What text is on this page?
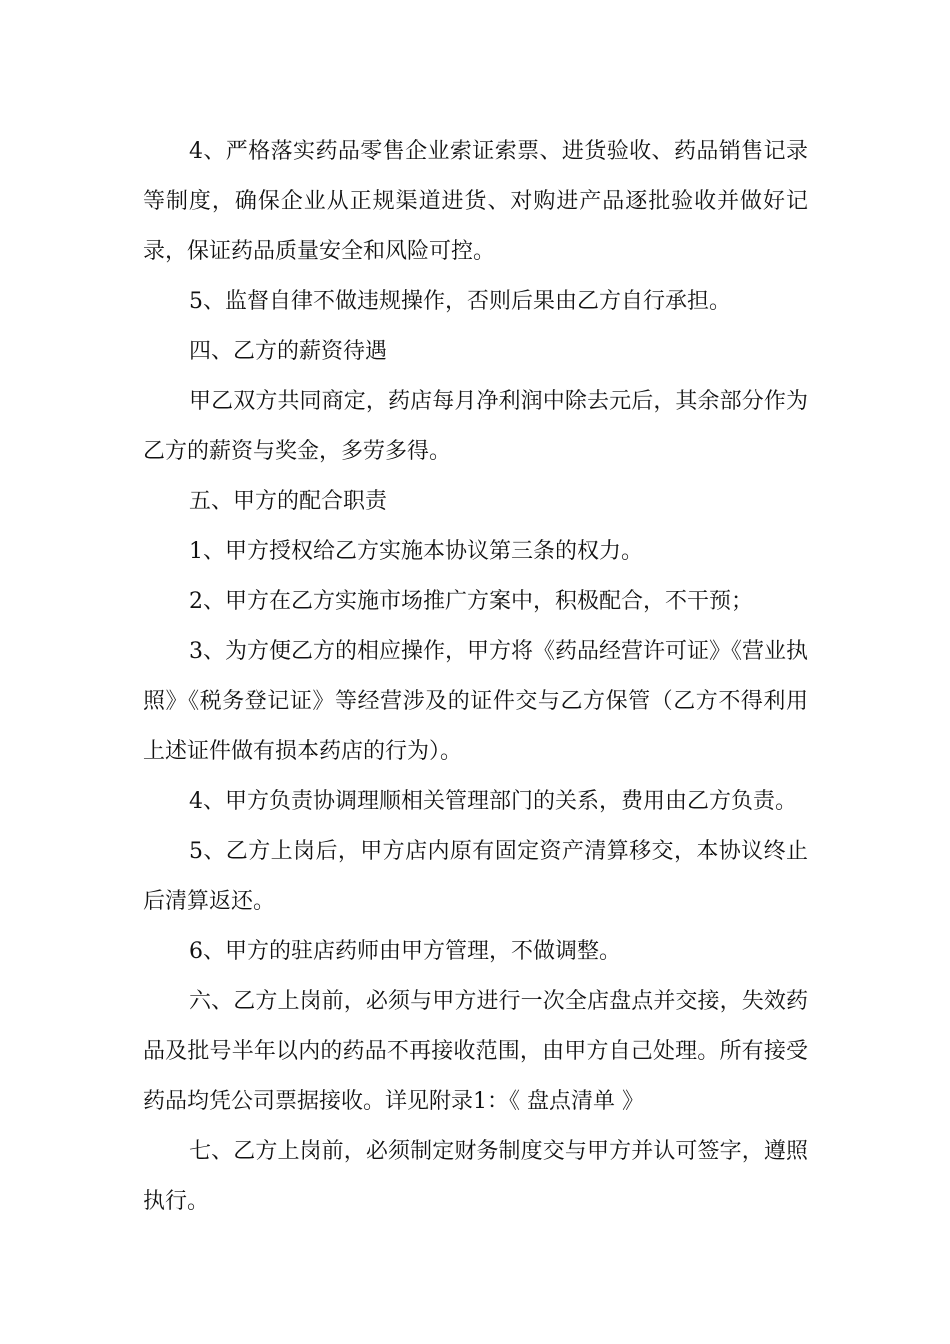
4、严格落实药品零售企业索证索票、进货验收、药品销售记录等制度，确保企业从正规渠道进货、对购进产品逐批验收并做好记录，保证药品质量安全和风险可控。

5、监督自律不做违规操作，否则后果由乙方自行承担。

四、乙方的薪资待遇

甲乙双方共同商定，药店每月净利润中除去元后，其余部分作为乙方的薪资与奖金，多劳多得。

五、甲方的配合职责

1、甲方授权给乙方实施本协议第三条的权力。

2、甲方在乙方实施市场推广方案中，积极配合，不干预；

3、为方便乙方的相应操作，甲方将《药品经营许可证》《营业执照》《税务登记证》等经营涉及的证件交与乙方保管（乙方不得利用上述证件做有损本药店的行为）。

4、甲方负责协调理顺相关管理部门的关系，费用由乙方负责。

5、乙方上岗后，甲方店内原有固定资产清算移交，本协议终止后清算返还。

6、甲方的驻店药师由甲方管理，不做调整。

六、乙方上岗前，必须与甲方进行一次全店盘点并交接，失效药品及批号半年以内的药品不再接收范围，由甲方自己处理。所有接受药品均凭公司票据接收。详见附录1：《 盘点清单 》

七、乙方上岗前，必须制定财务制度交与甲方并认可签字，遵照执行。
